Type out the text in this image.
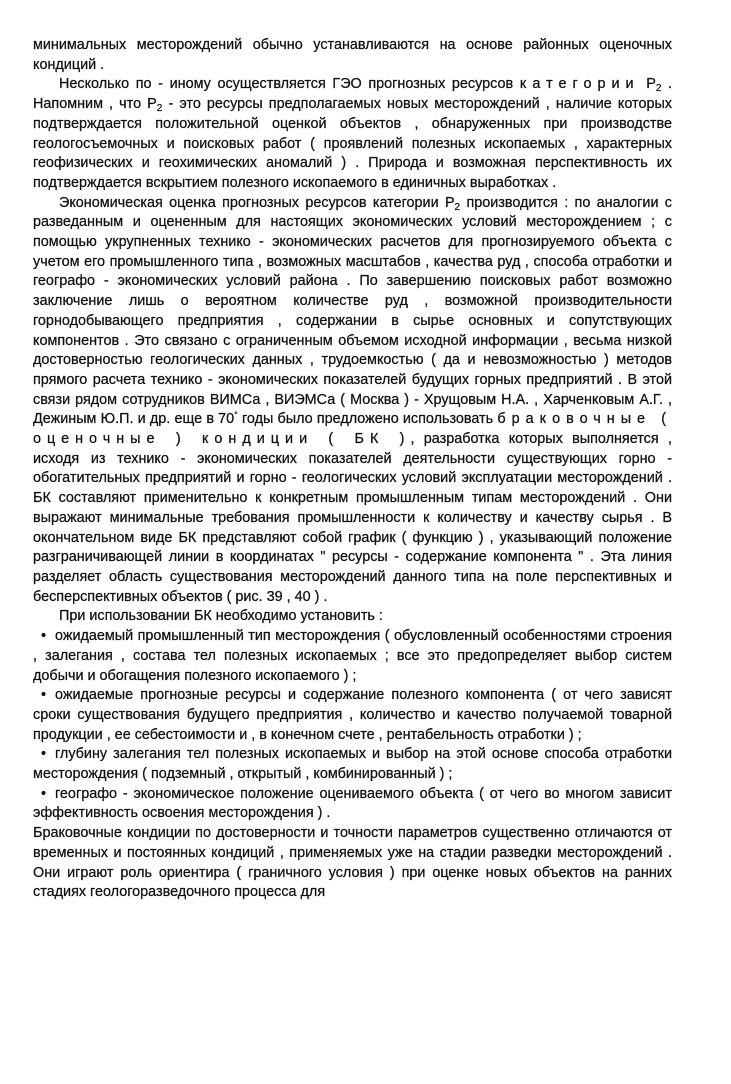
минимальных месторождений обычно устанавливаются на основе районных оценочных кондиций .

Несколько по - иному осуществляется ГЭО прогнозных ресурсов категории $Р_2$ . Напомним , что $Р_2$ - это ресурсы предполагаемых новых месторождений , наличие которых подтверждается положительной оценкой объектов , обнаруженных при производстве геологосъемочных и поисковых работ ( проявлений полезных ископаемых , характерных геофизических и геохимических аномалий ) . Природа и возможная перспективность их подтверждается вскрытием полезного ископаемого в единичных выработках .

Экономическая оценка прогнозных ресурсов категории $Р_2$ производится : по аналогии с разведанным и оцененным для настоящих экономических условий месторождением ; с помощью укрупненных технико - экономических расчетов для прогнозируемого объекта с учетом его промышленного типа , возможных масштабов , качества руд , способа отработки и географо - экономических условий района . По завершению поисковых работ возможно заключение лишь о вероятном количестве руд , возможной производительности горнодобывающего предприятия , содержании в сырье основных и сопутствующих компонентов . Это связано с ограниченным объемом исходной информации , весьма низкой достоверностью геологических данных , трудоемкостью ( да и невозможностью ) методов прямого расчета технико - экономических показателей будущих горных предприятий . В этой связи рядом сотрудников ВИМСа , ВИЭМСа ( Москва ) - Хрущовым Н.А. , Харченковым А.Г. , Дежиным Ю.П. и др. еще в 70° годы было предложено использовать браковочные ( оценочные ) кондиции ( БК ), разработка которых выполняется , исходя из технико - экономических показателей деятельности существующих горно - обогатительных предприятий и горно - геологических условий эксплуатации месторождений . БК составляют применительно к конкретным промышленным типам месторождений . Они выражают минимальные требования промышленности к количеству и качеству сырья . В окончательном виде БК представляют собой график ( функцию ) , указывающий положение разграничивающей линии в координатах " ресурсы - содержание компонента " . Эта линия разделяет область существования месторождений данного типа на поле перспективных и бесперспективных объектов ( рис. 39 , 40 ) .

При использовании БК необходимо установить :

• ожидаемый промышленный тип месторождения ( обусловленный особенностями строения , залегания , состава тел полезных ископаемых ; все это предопределяет выбор систем добычи и обогащения полезного ископаемого ) ;
• ожидаемые прогнозные ресурсы и содержание полезного компонента ( от чего зависят сроки существования будущего предприятия , количество и качество получаемой товарной продукции , ее себестоимости и , в конечном счете , рентабельность отработки ) ;
• глубину залегания тел полезных ископаемых и выбор на этой основе способа отработки месторождения ( подземный , открытый , комбинированный ) ;
• географо - экономическое положение оцениваемого объекта ( от чего во многом зависит эффективность освоения месторождения ) .

Браковочные кондиции по достоверности и точности параметров существенно отличаются от временных и постоянных кондиций , применяемых уже на стадии разведки месторождений . Они играют роль ориентира ( граничного условия ) при оценке новых объектов на ранних стадиях геологоразведочного процесса для
